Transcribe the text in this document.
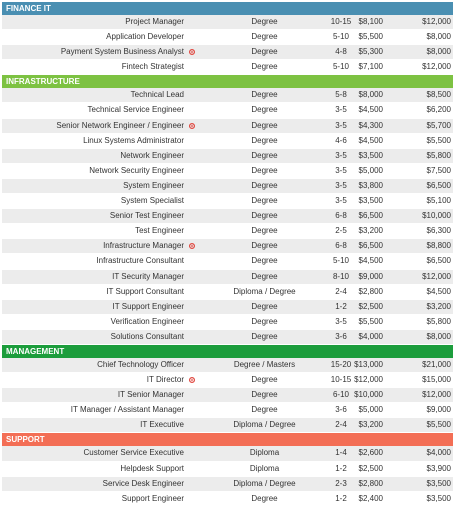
FINANCE IT
Project Manager	Degree	10-15 $8,100	$12,000
Application Developer	Degree	5-10	$5,500	$8,000
Payment System Business Analyst	Degree	4-8	$5,300	$8,000
Fintech Strategist	Degree	5-10	$7,100	$12,000
INFRASTRUCTURE
Technical Lead	Degree	5-8	$8,000	$8,500
Technical Service Engineer	Degree	3-5	$4,500	$6,200
Senior Network Engineer / Engineer	Degree	3-5	$4,300	$5,700
Linux Systems Administrator	Degree	4-6	$4,500	$5,500
Network Engineer	Degree	3-5	$3,500	$5,800
Network Security Engineer	Degree	3-5	$5,000	$7,500
System Engineer	Degree	3-5	$3,800	$6,500
System Specialist	Degree	3-5	$3,500	$5,100
Senior Test Engineer	Degree	6-8	$6,500	$10,000
Test Engineer	Degree	2-5	$3,200	$6,300
Infrastructure Manager	Degree	6-8	$6,500	$8,800
Infrastructure Consultant	Degree	5-10	$4,500	$6,500
IT Security Manager	Degree	8-10	$9,000	$12,000
IT Support Consultant	Diploma / Degree	2-4	$2,800	$4,500
IT Support Engineer	Degree	1-2	$2,500	$3,200
Verification Engineer	Degree	3-5	$5,500	$5,800
Solutions Consultant	Degree	3-6	$4,000	$8,000
MANAGEMENT
Chief Technology Officer	Degree / Masters	15-20 $13,000	$21,000
IT Director	Degree	10-15 $12,000	$15,000
IT Senior Manager	Degree	6-10 $10,000	$12,000
IT Manager / Assistant Manager	Degree	3-6	$5,000	$9,000
IT Executive	Diploma / Degree	2-4	$3,200	$5,500
SUPPORT
Customer Service Executive	Diploma	1-4	$2,600	$4,000
Helpdesk Support	Diploma	1-2	$2,500	$3,900
Service Desk Engineer	Diploma / Degree	2-3	$2,800	$3,500
Support Engineer	Degree	1-2	$2,400	$3,500
